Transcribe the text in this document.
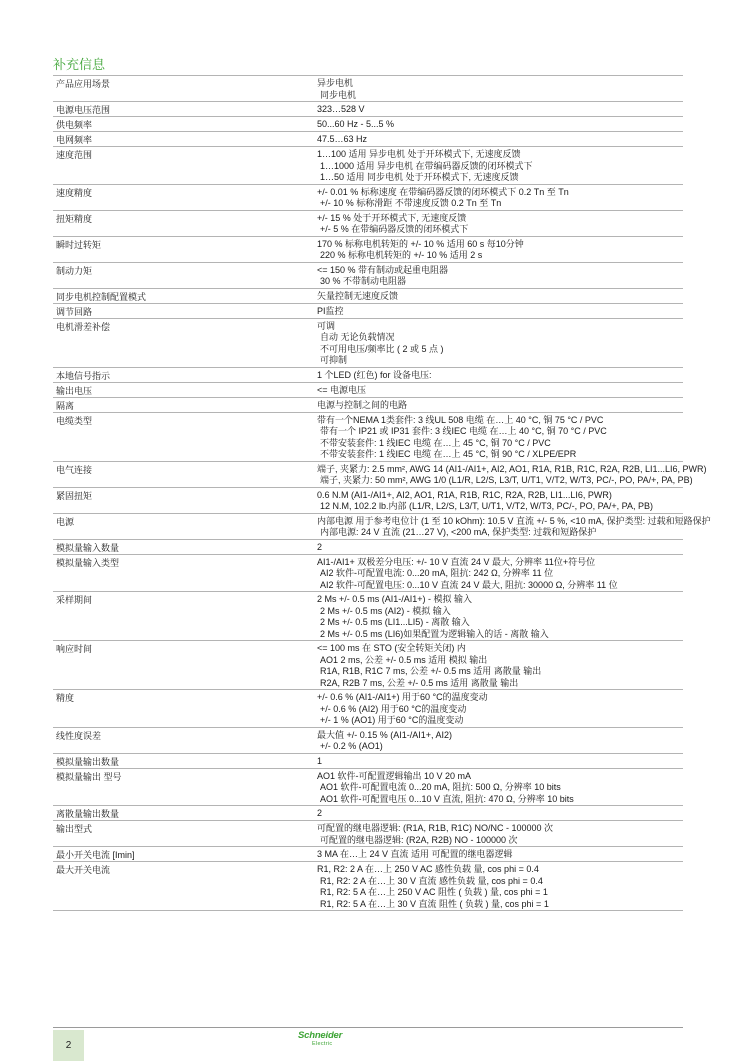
补充信息
产品应用场景	异步电机
同步电机
电源电压范围	323…528 V
供电频率	50...60 Hz - 5...5 %
电网频率	47.5…63 Hz
速度范围	1…100 适用 异步电机 处于开环模式下, 无速度反馈
1…1000 适用 异步电机 在带编码器反馈的闭环模式下
1…50 适用 同步电机 处于开环模式下, 无速度反馈
速度精度	+/- 0.01 % 标称速度 在带编码器反馈的闭环模式下 0.2 Tn 至 Tn
+/- 10 % 标称滑距 不带速度反馈 0.2 Tn 至 Tn
扭矩精度	+/- 15 % 处于开环模式下, 无速度反馈
+/- 5 % 在带编码器反馈的闭环模式下
瞬时过转矩	170 % 标称电机转矩的 +/- 10 % 适用 60 s 每10分钟
220 % 标称电机转矩的 +/- 10 % 适用 2 s
制动力矩	<= 150 % 带有制动或起重电阻器
30 % 不带制动电阻器
同步电机控制配置模式	矢量控制无速度反馈
调节回路	PI监控
电机滑差补偿	可调
自动 无论负载情况
不可用电压/频率比 ( 2 或 5 点 )
可抑制
本地信号指示	1 个LED (红色) for 设备电压:
输出电压	<= 电源电压
隔离	电源与控制之间的电路
电缆类型	带有一个NEMA 1类套件: 3 线UL 508 电缆 在…上 40 °C, 铜 75 °C / PVC
带有一个 IP21 或 IP31 套件: 3 线IEC 电缆 在…上 40 °C, 铜 70 °C / PVC
不带安装套件: 1 线IEC 电缆 在…上 45 °C, 铜 70 °C / PVC
不带安装套件: 1 线IEC 电缆 在…上 45 °C, 铜 90 °C / XLPE/EPR
电气连接	端子, 夹紧力: 2.5 mm², AWG 14 (AI1-/AI1+, AI2, AO1, R1A, R1B, R1C, R2A, R2B, LI1...LI6, PWR)
端子, 夹紧力: 50 mm², AWG 1/0 (L1/R, L2/S, L3/T, U/T1, V/T2, W/T3, PC/-, PO, PA/+, PA, PB)
紧固扭矩	0.6 N.M (AI1-/AI1+, AI2, AO1, R1A, R1B, R1C, R2A, R2B, LI1...LI6, PWR)
12 N.M, 102.2 lb.内部 (L1/R, L2/S, L3/T, U/T1, V/T2, W/T3, PC/-, PO, PA/+, PA, PB)
电源	内部电源 用于参考电位计 (1 至 10 kOhm): 10.5 V 直流 +/- 5 %, <10 mA, 保护类型: 过载和短路保护
内部电源: 24 V 直流 (21…27 V), <200 mA, 保护类型: 过载和短路保护
模拟量输入数量	2
模拟量输入类型	AI1-/AI1+ 双极差分电压: +/- 10 V 直流 24 V 最大, 分辨率 11位+符号位
AI2 软件-可配置电流: 0...20 mA, 阻抗: 242 Ω, 分辨率 11 位
AI2 软件-可配置电压: 0...10 V 直流 24 V 最大, 阻抗: 30000 Ω, 分辨率 11 位
采样期间	2 Ms +/- 0.5 ms (AI1-/AI1+) - 模拟 输入
2 Ms +/- 0.5 ms (AI2) - 模拟 输入
2 Ms +/- 0.5 ms (LI1...LI5) - 离散 输入
2 Ms +/- 0.5 ms (LI6)如果配置为逻辑输入的话 - 离散 输入
响应时间	<= 100 ms 在 STO (安全转矩关闭) 内
AO1 2 ms, 公差 +/- 0.5 ms 适用 模拟 输出
R1A, R1B, R1C 7 ms, 公差 +/- 0.5 ms 适用 离散量 输出
R2A, R2B 7 ms, 公差 +/- 0.5 ms 适用 离散量 输出
精度	+/- 0.6 % (AI1-/AI1+) 用于60 °C的温度变动
+/- 0.6 % (AI2) 用于60 °C的温度变动
+/- 1 % (AO1) 用于60 °C的温度变动
线性度误差	最大值 +/- 0.15 % (AI1-/AI1+, AI2)
+/- 0.2 % (AO1)
模拟量输出数量	1
模拟量输出 型号	AO1 软件-可配置逻辑输出 10 V 20 mA
AO1 软件-可配置电流 0...20 mA, 阻抗: 500 Ω, 分辨率 10 bits
AO1 软件-可配置电压 0...10 V 直流, 阻抗: 470 Ω, 分辨率 10 bits
离散量输出数量	2
输出型式	可配置的继电器逻辑: (R1A, R1B, R1C) NO/NC - 100000 次
可配置的继电器逻辑: (R2A, R2B) NO - 100000 次
最小开关电流 [Imin]	3 MA 在…上 24 V 直流 适用 可配置的继电器逻辑
最大开关电流	R1, R2: 2 A 在…上 250 V AC 感性负载 量, cos phi = 0.4
R1, R2: 2 A 在…上 30 V 直流 感性负载 量, cos phi = 0.4
R1, R2: 5 A 在…上 250 V AC 阻性 ( 负载 ) 量, cos phi = 1
R1, R2: 5 A 在…上 30 V 直流 阻性 ( 负载 ) 量, cos phi = 1
2
Schneider
Electric
